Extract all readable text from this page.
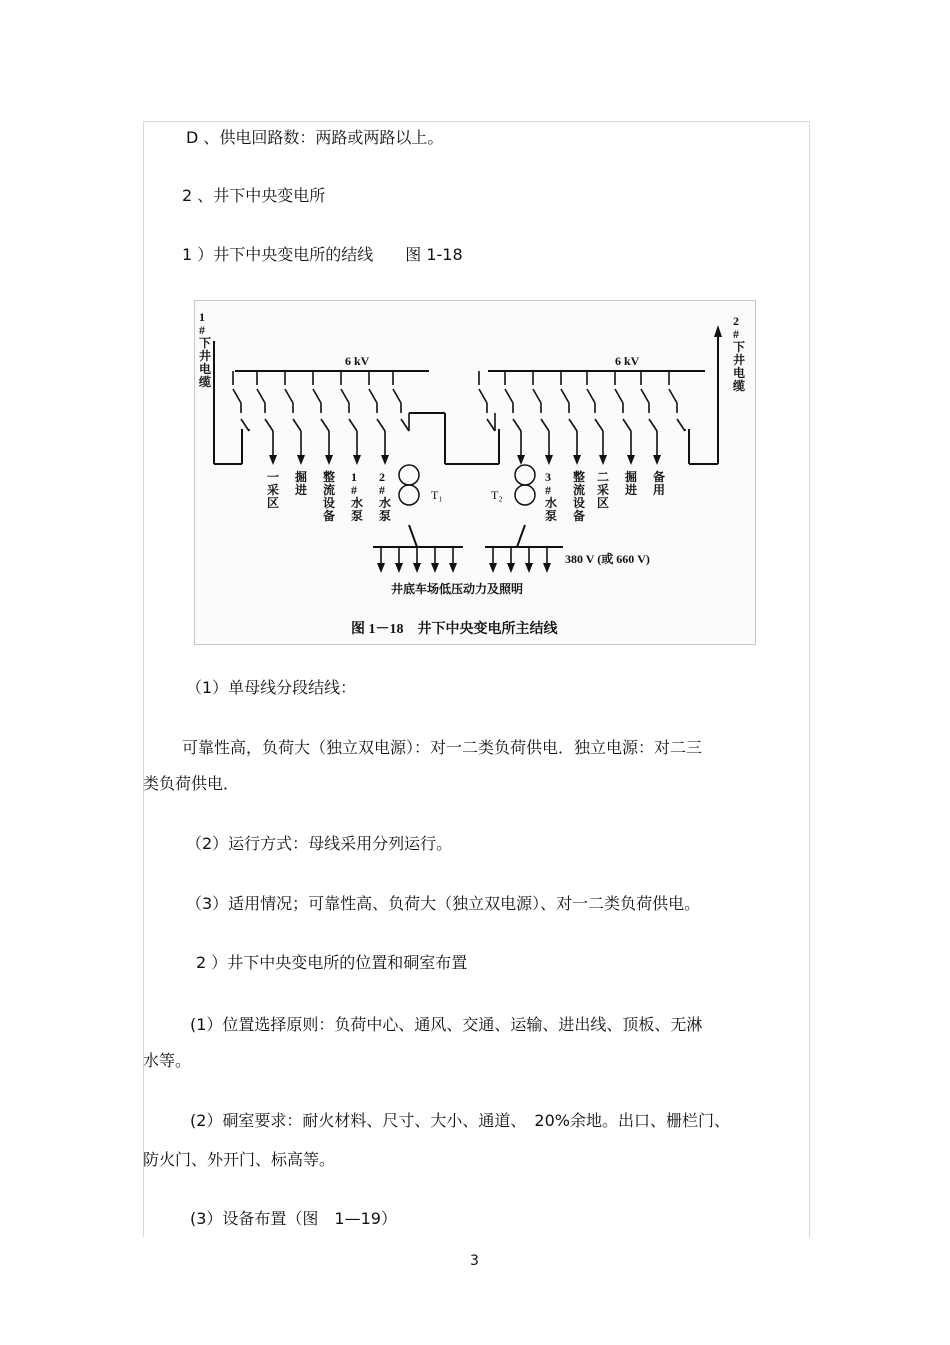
D 、供电回路数：两路或两路以上。
2 、井下中央变电所
1 ）井下中央变电所的结线　　图 1-18
一采区
掘进
整流设备
1 #水泵
2 #水泵
3 #水泵
整流设备
二采区
掘进
备用
1 #下井电缆
2 #下井电缆
6 kV	6 kV
T₁	T₂
380 V (或 660 V)
井底车场低压动力及照明
图 1－18　井下中央变电所主结线
（1）单母线分段结线：
可靠性高，负荷大（独立双电源）：对一二类负荷供电．独立电源：对二三
类负荷供电．
（2）运行方式：母线采用分列运行。
（3）适用情况；可靠性高、负荷大（独立双电源）、对一二类负荷供电。
2 ）井下中央变电所的位置和硐室布置
(1）位置选择原则：负荷中心、通风、交通、运输、进出线、顶板、无淋
水等。
(2）硐室要求：耐火材料、尺寸、大小、通道、　20%余地。出口、栅栏门、
防火门、外开门、标高等。
(3）设备布置（图　1—19）
3
